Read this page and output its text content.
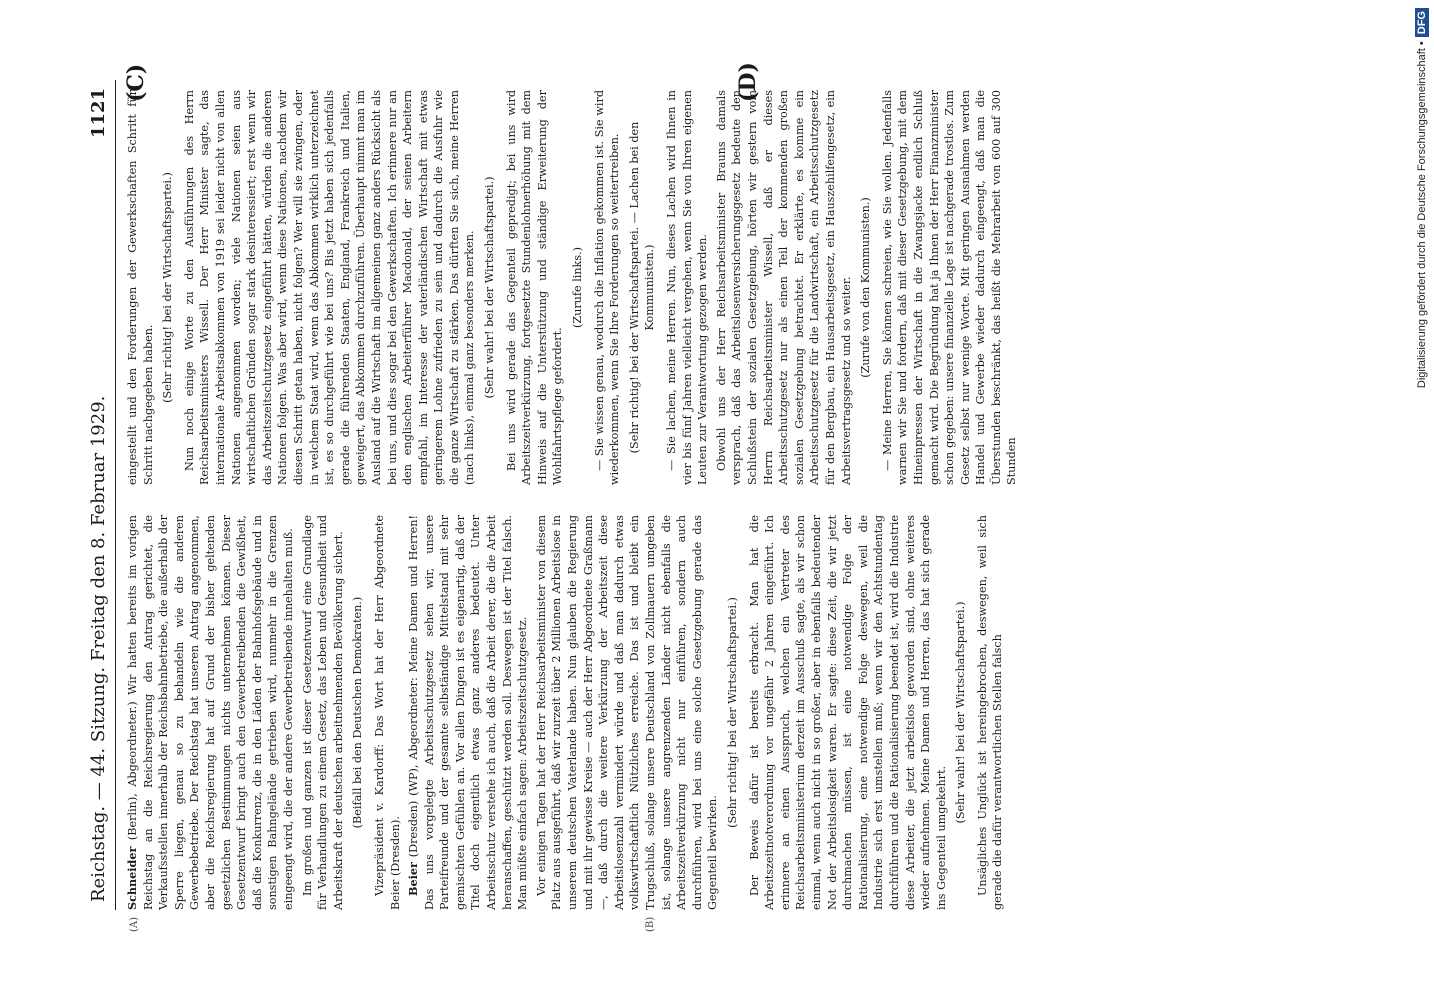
Reichstag. — 44. Sitzung. Freitag den 8. Februar 1929.
1121
(A)	(B)
(C)	(D)

Schneider (Berlin), Abgeordneter.) Wir hatten bereits im vorigen Reichstag an die Reichsregierung den Antrag gerichtet, die Verkaufsstellen innerhalb der Reichsbahnbetriebe, die außerhalb der Sperre liegen, genau so zu behandeln wie die anderen Gewerbebetriebe. Der Reichstag hat unseren Antrag angenommen, aber die Reichsregierung hat auf Grund der bisher geltenden gesetzlichen Bestimmungen nichts unternehmen können. Dieser Gesetzentwurf bringt auch den Gewerbetreibenden die Gewißheit, daß die Konkurrenz, die in den Läden der Bahnhofsgebäude und in sonstigen Bahngelände getrieben wird, nunmehr in die Grenzen eingeengt wird, die der andere Gewerbetreibende innehalten muß. Im großen und ganzen ist dieser Gesetzentwurf eine Grundlage für Verhandlungen zu einem Gesetz, das Leben und Gesundheit und Arbeitskraft der deutschen arbeitnehmenden Bevölkerung sichert. (Beifall bei den Deutschen Demokraten.) Vizepräsident v. Kardorff: Das Wort hat der Herr Abgeordnete Beier (Dresden). Beier (Dresden) (WP), Abgeordneter: Meine Damen und Herren! Das uns vorgelegte Arbeitsschutzgesetz sehen wir, unsere Parteifreunde und der gesamte selbständige Mittelstand mit sehr gemischten Gefühlen an. Vor allen Dingen ist es eigenartig, daß der Titel doch eigentlich etwas ganz anderes bedeutet. Unter Arbeitsschutz verstehe ich auch, daß die Arbeit derer, die die Arbeit heranschaffen, geschützt werden soll. Deswegen ist der Titel falsch. Man müßte einfach sagen: Arbeitszeitschutzgesetz. Vor einigen Tagen hat der Herr Reichsarbeitsminister von diesem Platz aus ausgeführt, daß wir zurzeit über 2 Millionen Arbeitslose in unserem deutschen Vaterlande haben. Nun glauben die Regierung und mit ihr gewisse Kreise — auch der Herr Abgeordnete Graßmann —, daß durch die weitere Verkürzung der Arbeitszeit diese Arbeitslosenzahl vermindert würde und daß man dadurch etwas volkswirtschaftlich Nützliches erreiche. Das ist und bleibt ein Trugschluß, solange unsere Deutschland von Zollmauern umgeben ist, solange unsere angrenzenden Länder nicht ebenfalls die Arbeitszeitverkürzung nicht nur einführen, sondern auch durchführen, wird bei uns eine solche Gesetzgebung gerade das Gegenteil bewirken.

(Sehr richtig! bei der Wirtschaftspartei.) Der Beweis dafür ist bereits erbracht. Man hat die Arbeitszeitnotverordnung vor ungefähr 2 Jahren eingeführt. Ich erinnere an einen Ausspruch, welchen ein Vertreter des Reichsarbeitsministerium derzeit im Ausschuß sagte, als wir schon einmal, wenn auch nicht in so großer, aber in ebenfalls bedeutender Not der Arbeitslosigkeit waren. Er sagte: diese Zeit, die wir jetzt durchmachen müssen, ist eine notwendige Folge der Rationalisierung, eine notwendige Folge deswegen, weil die Industrie sich erst umstellen muß; wenn wir den Achtstundentag durchführen und die Rationalisierung beendet ist, wird die Industrie diese Arbeiter, die jetzt arbeitslos geworden sind, ohne weiteres wieder aufnehmen. Meine Damen und Herren, das hat sich gerade ins Gegenteil umgekehrt.

(Sehr wahr! bei der Wirtschaftspartei.) Unsägliches Unglück ist hereingebrochen, deswegen, weil sich gerade die dafür verantwortlichen Stellen falsch

eingestellt und den Forderungen der Gewerkschaften Schritt für Schritt nachgegeben haben.

(Sehr richtig! bei der Wirtschaftspartei.) Nun noch einige Worte zu den Ausführungen des Herrn Reichsarbeitsministers Wissell. Der Herr Minister sagte, das internationale Arbeitsabkommen von 1919 sei leider nicht von allen Nationen angenommen worden; viele Nationen seien aus wirtschaftlichen Gründen sogar stark desinteressiert; erst wenn wir das Arbeitszeitschutzgesetz eingeführt hätten, würden die anderen Nationen folgen. Was aber wird, wenn diese Nationen, nachdem wir diesen Schritt getan haben, nicht folgen? Wer will sie zwingen, oder in welchem Staat wird, wenn das Abkommen wirklich unterzeichnet ist, es so durchgeführt wie bei uns? Bis jetzt haben sich jedenfalls gerade die führenden Staaten, England, Frankreich und Italien, geweigert, das Abkommen durchzuführen. Überhaupt nimmt man im Ausland auf die Wirtschaft im allgemeinen ganz anders Rücksicht als bei uns, und dies sogar bei den Gewerkschaften. Ich erinnere nur an den englischen Arbeiterführer Macdonald, der seinen Arbeitern empfahl, im Interesse der vaterländischen Wirtschaft mit etwas geringerem Lohne zufrieden zu sein und dadurch die Ausfuhr wie die ganze Wirtschaft zu stärken. Das dürften Sie sich, meine Herren (nach links), einmal ganz besonders merken. (Sehr wahr! bei der Wirtschaftspartei.) Bei uns wird gerade das Gegenteil gepredigt; bei uns wird Arbeitszeitverkürzung, fortgesetzte Stundenlohnerhöhung mit dem Hinweis auf die Unterstützung und ständige Erweiterung der Wohlfahrtspflege gefordert.

(Zurufe links.) — Sie wissen genau, wodurch die Inflation gekommen ist. Sie wird wiederkommen, wenn Sie Ihre Forderungen so weitertreiben. (Sehr richtig! bei der Wirtschaftspartei. — Lachen bei den Kommunisten.) — Sie lachen, meine Herren. Nun, dieses Lachen wird Ihnen in vier bis fünf Jahren vielleicht vergehen, wenn Sie von Ihren eigenen Leuten zur Verantwortung gezogen werden. Obwohl uns der Herr Reichsarbeitsminister Brauns damals versprach, daß das Arbeitslosenversicherungsgesetz bedeute den Schlußstein der sozialen Gesetzgebung, hörten wir gestern vom Herrn Reichsarbeitsminister Wissell, daß er dieses Arbeitsschutzgesetz nur als einen Teil der kommenden großen sozialen Gesetzgebung betrachtet. Er erklärte, es komme ein Arbeitsschutzgesetz für die Landwirtschaft, ein Arbeitsschutzgesetz für den Bergbau, ein Hausarbeitsgesetz, ein Hauszehilfengesetz, ein Arbeitsvertragsgesetz und so weiter. (Zurufe von den Kommunisten.) — Meine Herren, Sie können schreien, wie Sie wollen. Jedenfalls warnen wir Sie und fordern, daß mit dieser Gesetzgebung, mit dem Hineinpressen der Wirtschaft in die Zwangsjacke endlich Schluß gemacht wird. Die Begründung hat ja Ihnen der Herr Finanzminister schon gegeben: unsere finanzielle Lage ist nachgerade trostlos. Zum Gesetz selbst nur wenige Worte. Mit geringen Ausnahmen werden Handel und Gewerbe wieder dadurch eingeengt, daß man die Überstunden beschränkt, das heißt die Mehrarbeit von 600 auf 300 Stunden

Digitalisierung gefördert durch die Deutsche Forschungsgemeinschaft •DFG
